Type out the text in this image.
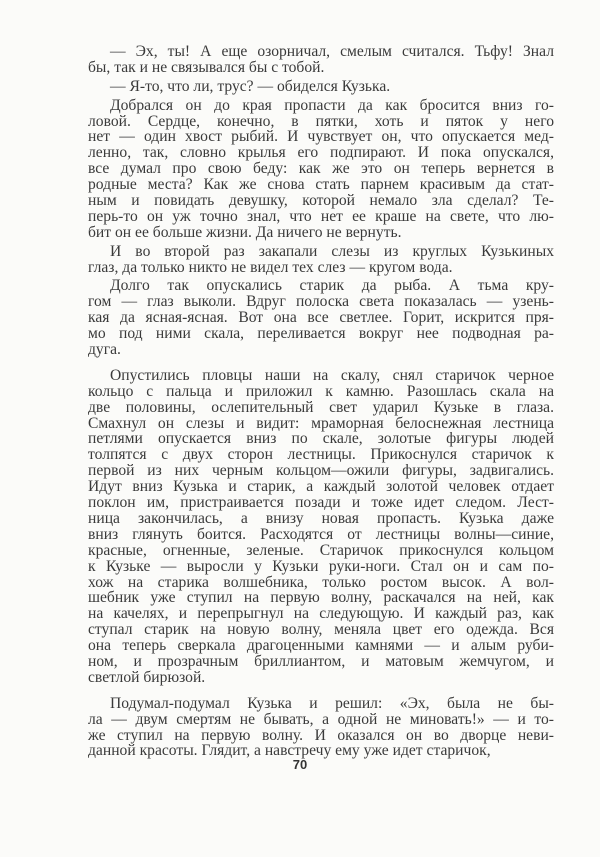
— Эх, ты! А еще озорничал, смелым считался. Тьфу! Знал
бы, так и не связывался бы с тобой.
— Я-то, что ли, трус? — обиделся Кузька.
Добрался он до края пропасти да как бросится вниз го-
ловой. Сердце, конечно, в пятки, хоть и пяток у него
нет — один хвост рыбий. И чувствует он, что опускается мед-
ленно, так, словно крылья его подпирают. И пока опускался,
все думал про свою беду: как же это он теперь вернется в
родные места? Как же снова стать парнем красивым да стат-
ным и повидать девушку, которой немало зла сделал? Те-
перь-то он уж точно знал, что нет ее краше на свете, что лю-
бит он ее больше жизни. Да ничего не вернуть.
И во второй раз закапали слезы из круглых Кузькиных
глаз, да только никто не видел тех слез — кругом вода.
Долго так опускались старик да рыба. А тьма кру-
гом — глаз выколи. Вдруг полоска света показалась — узень-
кая да ясная-ясная. Вот она все светлее. Горит, искрится пря-
мо под ними скала, переливается вокруг нее подводная ра-
дуга.
Опустились пловцы наши на скалу, снял старичок черное
кольцо с пальца и приложил к камню. Разошлась скала на
две половины, ослепительный свет ударил Кузьке в глаза.
Смахнул он слезы и видит: мраморная белоснежная лестница
петлями опускается вниз по скале, золотые фигуры людей
толпятся с двух сторон лестницы. Прикоснулся старичок к
первой из них черным кольцом—ожили фигуры, задвигались.
Идут вниз Кузька и старик, а каждый золотой человек отдает
поклон им, пристраивается позади и тоже идет следом. Лест-
ница закончилась, а внизу новая пропасть. Кузька даже
вниз глянуть боится. Расходятся от лестницы волны—синие,
красные, огненные, зеленые. Старичок прикоснулся кольцом
к Кузьке — выросли у Кузьки руки-ноги. Стал он и сам по-
хож на старика волшебника, только ростом высок. А вол-
шебник уже ступил на первую волну, раскачался на ней, как
на качелях, и перепрыгнул на следующую. И каждый раз, как
ступал старик на новую волну, меняла цвет его одежда. Вся
она теперь сверкала драгоценными камнями — и алым руби-
ном, и прозрачным бриллиантом, и матовым жемчугом, и
светлой бирюзой.
Подумал-подумал Кузька и решил: «Эх, была не бы-
ла — двум смертям не бывать, а одной не миновать!» — и то-
же ступил на первую волну. И оказался он во дворце неви-
данной красоты. Глядит, а навстречу ему уже идет старичок,
70
